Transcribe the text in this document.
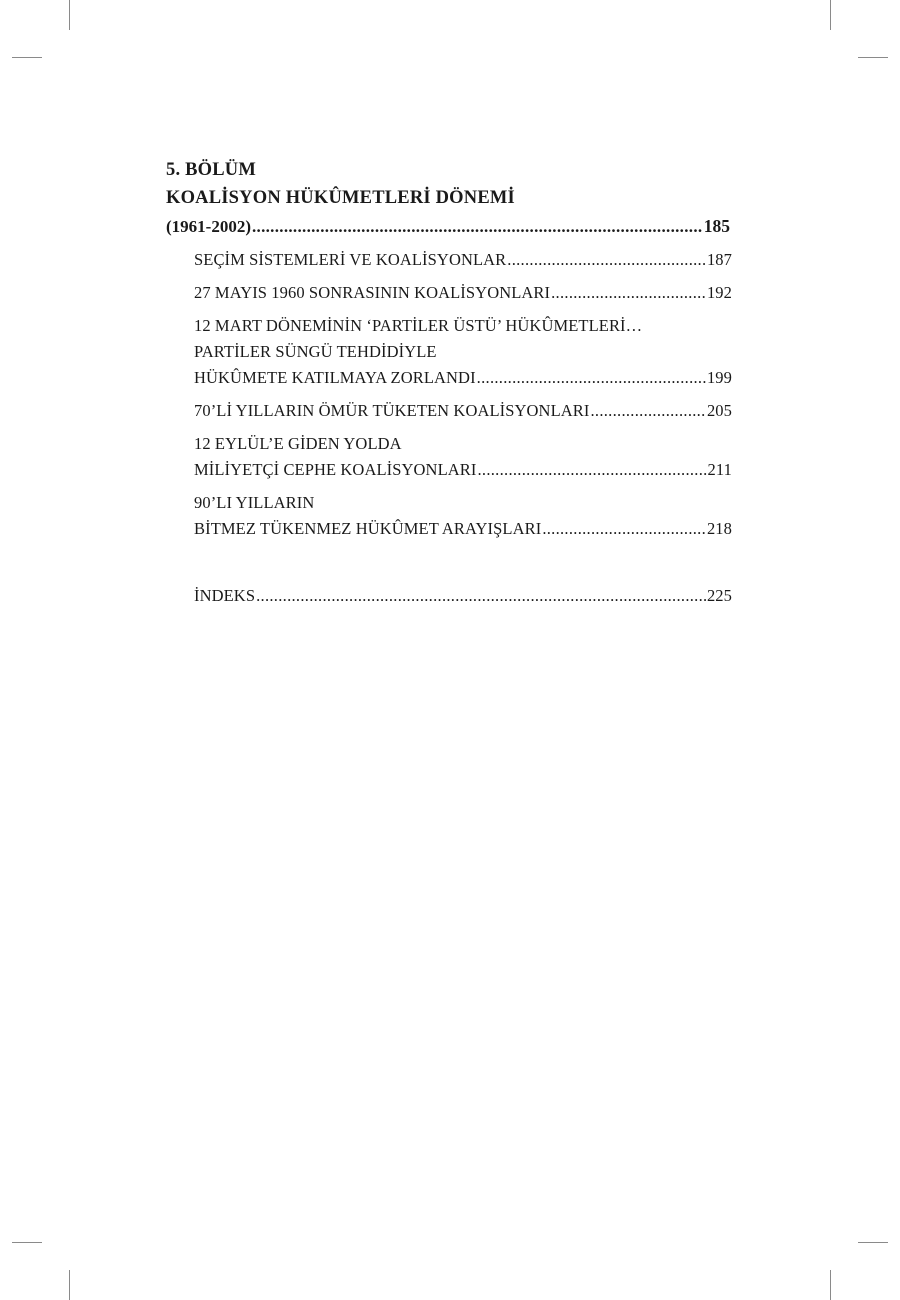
5. BÖLÜM
KOALİSYON HÜKÛMETLERİ DÖNEMİ
(1961-2002) .....	185
SEÇİM SİSTEMLERİ VE KOALİSYONLAR .....	187
27 MAYIS 1960 SONRASININ KOALİSYONLARI .....	192
12 MART DÖNEMİNİN ‘PARTİLER ÜSTÜ’ HÜKÛMETLERİ…
PARTİLER SÜNGÜ TEHDİDİYLE
HÜKÛMETE KATILMAYA ZORLANDI .....	199
70’Lİ YILLARIN ÖMÜR TÜKETEN KOALİSYONLARI .....	205
12 EYLÜL’E GİDEN YOLDA
MİLİYETÇİ CEPHE KOALİSYONLARI .....	211
90’LI YILLARIN
BİTMEZ TÜKENMEZ HÜKÛMET ARAYIŞLARI .....	218
İNDEKS .....	225
